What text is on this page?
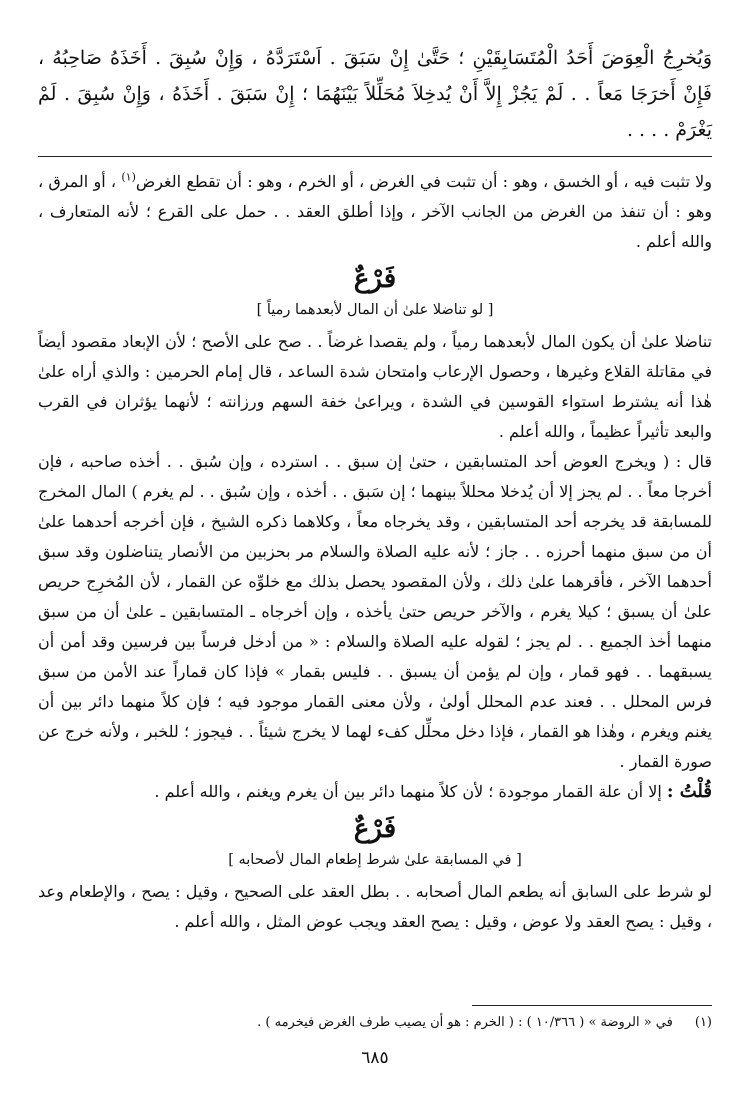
وَيُخرِجُ الْعِوَضَ أَحَدُ الْمُتَسَابِقَيْنِ ؛ حَتَّىٰ إِنْ سَبَقَ . اَسْتَرَدَّهُ ، وَإِنْ سُبِقَ . أَخَذَهُ صَاحِبُهُ ، فَإِنْ أَخرَجَا مَعاً . . لَمْ يَجُزْ إِلاَّ أَنْ يُدخِلاَ مُحَلِّلاً بَيْنَهُمَا ؛ إِنْ سَبَقَ . أَخَذَهُ ، وَإِنْ سُبِقَ . لَمْ يَغْرَمْ . . . .

ولا تثبت فيه ، أو الخسق ، وهو : أن تثبت في الغرض ، أو الخرم ، وهو : أن تقطع الغرض$^{(١)}$ ، أو المرق ، وهو : أن تنفذ من الغرض من الجانب الآخر ، وإذا أطلق العقد . . حمل على القرع ؛ لأنه المتعارف ، والله أعلم .

فَرْعٌ

[ لو تناضلا علىٰ أن المال لأبعدهما رمياً ]

تناضلا علىٰ أن يكون المال لأبعدهما رمياً ، ولم يقصدا غرضاً . . صح على الأصح ؛ لأن الإبعاد مقصود أيضاً في مقاتلة القلاع وغيرها ، وحصول الإرعاب وامتحان شدة الساعد ، قال إمام الحرمين : والذي أراه علىٰ هٰذا أنه يشترط استواء القوسين في الشدة ، ويراعىٰ خفة السهم ورزانته ؛ لأنهما يؤثران في القرب والبعد تأثيراً عظيماً ، والله أعلم .

قال : ( ويخرج العوض أحد المتسابقين ، حتىٰ إن سبق . . استرده ، وإن سُبق . . أخذه صاحبه ، فإن أخرجا معاً . . لم يجز إلا أن يُدخلا محللاً بينهما ؛ إن سَبق . . أخذه ، وإن سُبق . . لم يغرم ) المال المخرج للمسابقة قد يخرجه أحد المتسابقين ، وقد يخرجاه معاً ، وكلاهما ذكره الشيخ ، فإن أخرجه أحدهما علىٰ أن من سبق منهما أحرزه . . جاز ؛ لأنه عليه الصلاة والسلام مر بحزبين من الأنصار يتناضلون وقد سبق أحدهما الآخر ، فأقرهما علىٰ ذلك ، ولأن المقصود يحصل بذلك مع خلوِّه عن القمار ، لأن المُخرِج حريص علىٰ أن يسبق ؛ كيلا يغرم ، والآخر حريص حتىٰ يأخذه ، وإن أخرجاه ـ المتسابقين ـ علىٰ أن من سبق منهما أخذ الجميع . . لم يجز ؛ لقوله عليه الصلاة والسلام : « من أدخل فرساً بين فرسين وقد أمن أن يسبقهما . . فهو قمار ، وإن لم يؤمن أن يسبق . . فليس بقمار » فإذا كان قماراً عند الأمن من سبق فرس المحلل . . فعند عدم المحلل أولىٰ ، ولأن معنى القمار موجود فيه ؛ فإن كلاً منهما دائر بين أن يغنم ويغرم ، وهٰذا هو القمار ، فإذا دخل محلِّل كفء لهما لا يخرج شيئاً . . فيجوز ؛ للخبر ، ولأنه خرج عن صورة القمار .

قُلْتُ : إلا أن علة القمار موجودة ؛ لأن كلاً منهما دائر بين أن يغرم ويغنم ، والله أعلم .

فَرْعٌ

[ في المسابقة علىٰ شرط إطعام المال لأصحابه ]

لو شرط على السابق أنه يطعم المال أصحابه . . بطل العقد على الصحيح ، وقيل : يصح ، والإطعام وعد ، وقيل : يصح العقد ولا عوض ، وقيل : يصح العقد ويجب عوض المثل ، والله أعلم .

(١)في « الروضة » ( ١٠/٣٦٦ ) : ( الخرم : هو أن يصيب طرف الغرض فيخرمه ) .
٦٨٥
